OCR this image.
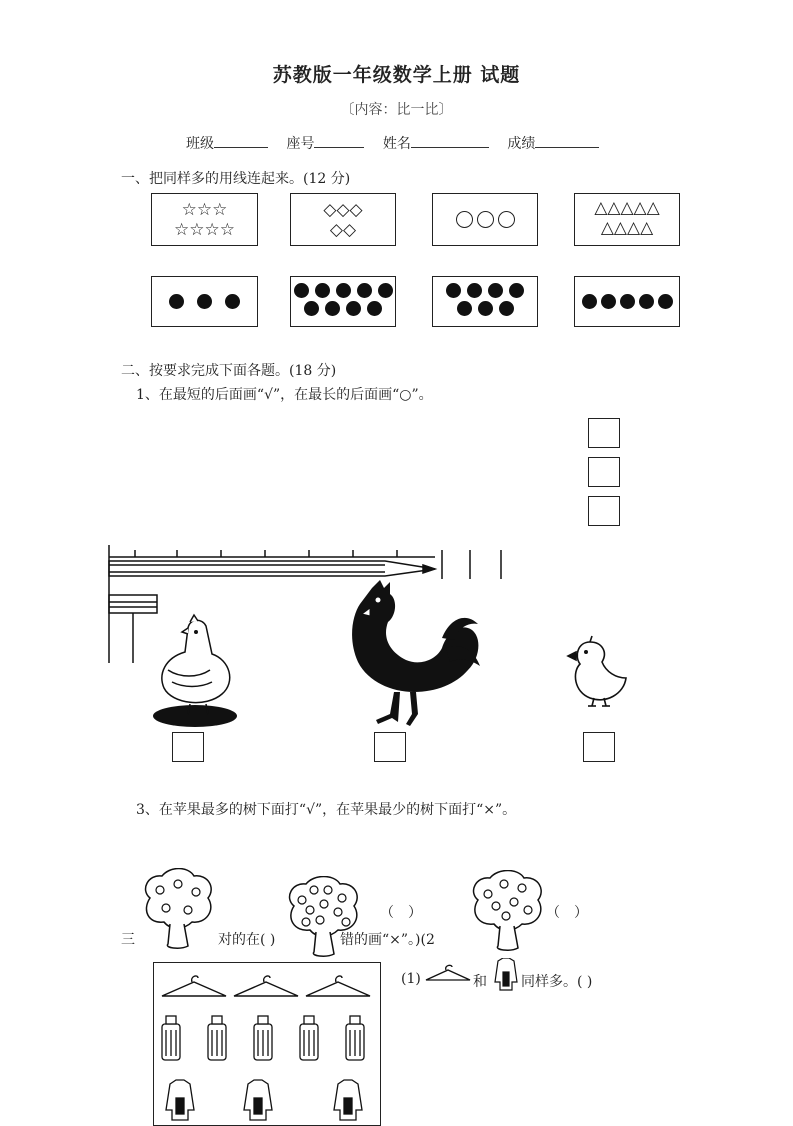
苏教版一年级数学上册 试题
〔内容：比一比〕
班级	座号	姓名	成绩
一、把同样多的用线连起来。(12 分)
☆☆☆
☆☆☆☆
◇◇◇
◇◇
△△△△△
△△△△
二、按要求完成下面各题。(18 分)
1、在最短的后面画“√”，在最长的后面画“○”。
3、在苹果最多的树下面打“√”，在苹果最少的树下面打“×”。
（　）	（　）
三	对的在( )	错的画“×”。)(2
(1)	和 同样多。( )
